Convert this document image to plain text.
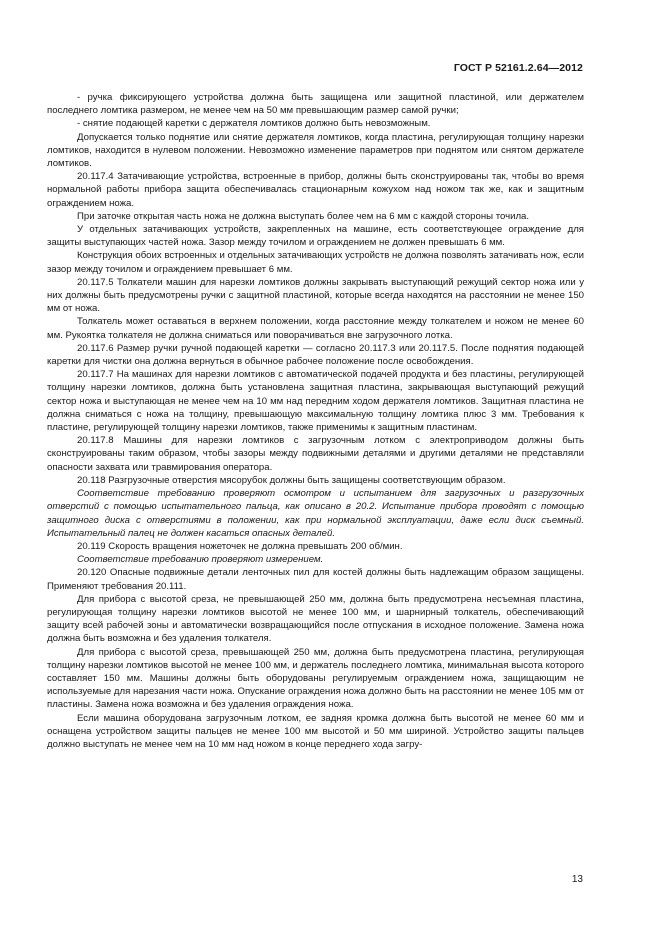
ГОСТ Р 52161.2.64—2012

- ручка фиксирующего устройства должна быть защищена или защитной пластиной, или держателем последнего ломтика размером, не менее чем на 50 мм превышающим размер самой ручки;

- снятие подающей каретки с держателя ломтиков должно быть невозможным.

Допускается только поднятие или снятие держателя ломтиков, когда пластина, регулирующая толщину нарезки ломтиков, находится в нулевом положении. Невозможно изменение параметров при поднятом или снятом держателе ломтиков.

20.117.4 Затачивающие устройства, встроенные в прибор, должны быть сконструированы так, чтобы во время нормальной работы прибора защита обеспечивалась стационарным кожухом над ножом так же, как и защитным ограждением ножа.

При заточке открытая часть ножа не должна выступать более чем на 6 мм с каждой стороны точила.

У отдельных затачивающих устройств, закрепленных на машине, есть соответствующее ограждение для защиты выступающих частей ножа. Зазор между точилом и ограждением не должен превышать 6 мм.

Конструкция обоих встроенных и отдельных затачивающих устройств не должна позволять затачивать нож, если зазор между точилом и ограждением превышает 6 мм.

20.117.5 Толкатели машин для нарезки ломтиков должны закрывать выступающий режущий сектор ножа или у них должны быть предусмотрены ручки с защитной пластиной, которые всегда находятся на расстоянии не менее 150 мм от ножа.

Толкатель может оставаться в верхнем положении, когда расстояние между толкателем и ножом не менее 60 мм. Рукоятка толкателя не должна сниматься или поворачиваться вне загрузочного лотка.

20.117.6 Размер ручки ручной подающей каретки — согласно 20.117.3 или 20.117.5. После поднятия подающей каретки для чистки она должна вернуться в обычное рабочее положение после освобождения.

20.117.7 На машинах для нарезки ломтиков с автоматической подачей продукта и без пластины, регулирующей толщину нарезки ломтиков, должна быть установлена защитная пластина, закрывающая выступающий режущий сектор ножа и выступающая не менее чем на 10 мм над передним ходом держателя ломтиков. Защитная пластина не должна сниматься с ножа на толщину, превышающую максимальную толщину ломтика плюс 3 мм. Требования к пластине, регулирующей толщину нарезки ломтиков, также применимы к защитным пластинам.

20.117.8 Машины для нарезки ломтиков с загрузочным лотком с электроприводом должны быть сконструированы таким образом, чтобы зазоры между подвижными деталями и другими деталями не представляли опасности захвата или травмирования оператора.

20.118 Разгрузочные отверстия мясорубок должны быть защищены соответствующим образом.

Соответствие требованию проверяют осмотром и испытанием для загрузочных и разгрузочных отверстий с помощью испытательного пальца, как описано в 20.2. Испытание прибора проводят с помощью защитного диска с отверстиями в положении, как при нормальной эксплуатации, даже если диск съемный. Испытательный палец не должен касаться опасных деталей.

20.119 Скорость вращения ножеточек не должна превышать 200 об/мин.

Соответствие требованию проверяют измерением.

20.120 Опасные подвижные детали ленточных пил для костей должны быть надлежащим образом защищены. Применяют требования 20.111.

Для прибора с высотой среза, не превышающей 250 мм, должна быть предусмотрена несъемная пластина, регулирующая толщину нарезки ломтиков высотой не менее 100 мм, и шарнирный толкатель, обеспечивающий защиту всей рабочей зоны и автоматически возвращающийся после отпускания в исходное положение. Замена ножа должна быть возможна и без удаления толкателя.

Для прибора с высотой среза, превышающей 250 мм, должна быть предусмотрена пластина, регулирующая толщину нарезки ломтиков высотой не менее 100 мм, и держатель последнего ломтика, минимальная высота которого составляет 150 мм. Машины должны быть оборудованы регулируемым ограждением ножа, защищающим не используемые для нарезания части ножа. Опускание ограждения ножа должно быть на расстоянии не менее 105 мм от пластины. Замена ножа возможна и без удаления ограждения ножа.

Если машина оборудована загрузочным лотком, ее задняя кромка должна быть высотой не менее 60 мм и оснащена устройством защиты пальцев не менее 100 мм высотой и 50 мм шириной. Устройство защиты пальцев должно выступать не менее чем на 10 мм над ножом в конце переднего хода загру-

13
